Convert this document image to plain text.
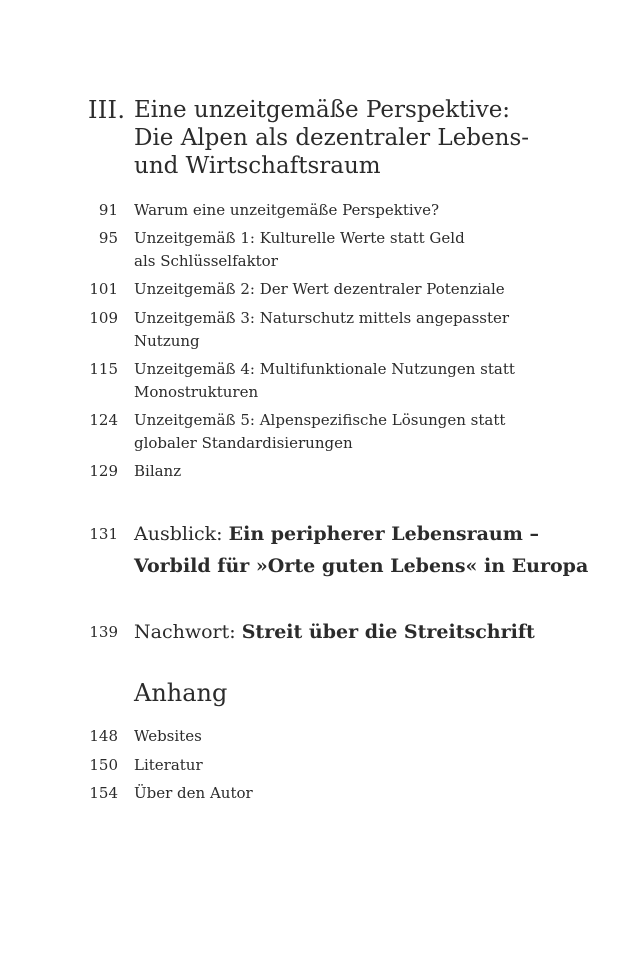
III. Eine unzeitgemäße Perspektive:
Die Alpen als dezentraler Lebens-
und Wirtschaftsraum
91 Warum eine unzeitgemäße Perspektive?
95 Unzeitgemäß 1: Kulturelle Werte statt Geld
als Schlüsselfaktor
101 Unzeitgemäß 2: Der Wert dezentraler Potenziale
109 Unzeitgemäß 3: Naturschutz mittels angepasster
Nutzung
115 Unzeitgemäß 4: Multifunktionale Nutzungen statt
Monostrukturen
124 Unzeitgemäß 5: Alpenspezifische Lösungen statt
globaler Standardisierungen
129 Bilanz
131 Ausblick: Ein peripherer Lebensraum –
Vorbild für »Orte guten Lebens« in Europa
139 Nachwort: Streit über die Streitschrift
Anhang
148 Websites
150 Literatur
154 Über den Autor
